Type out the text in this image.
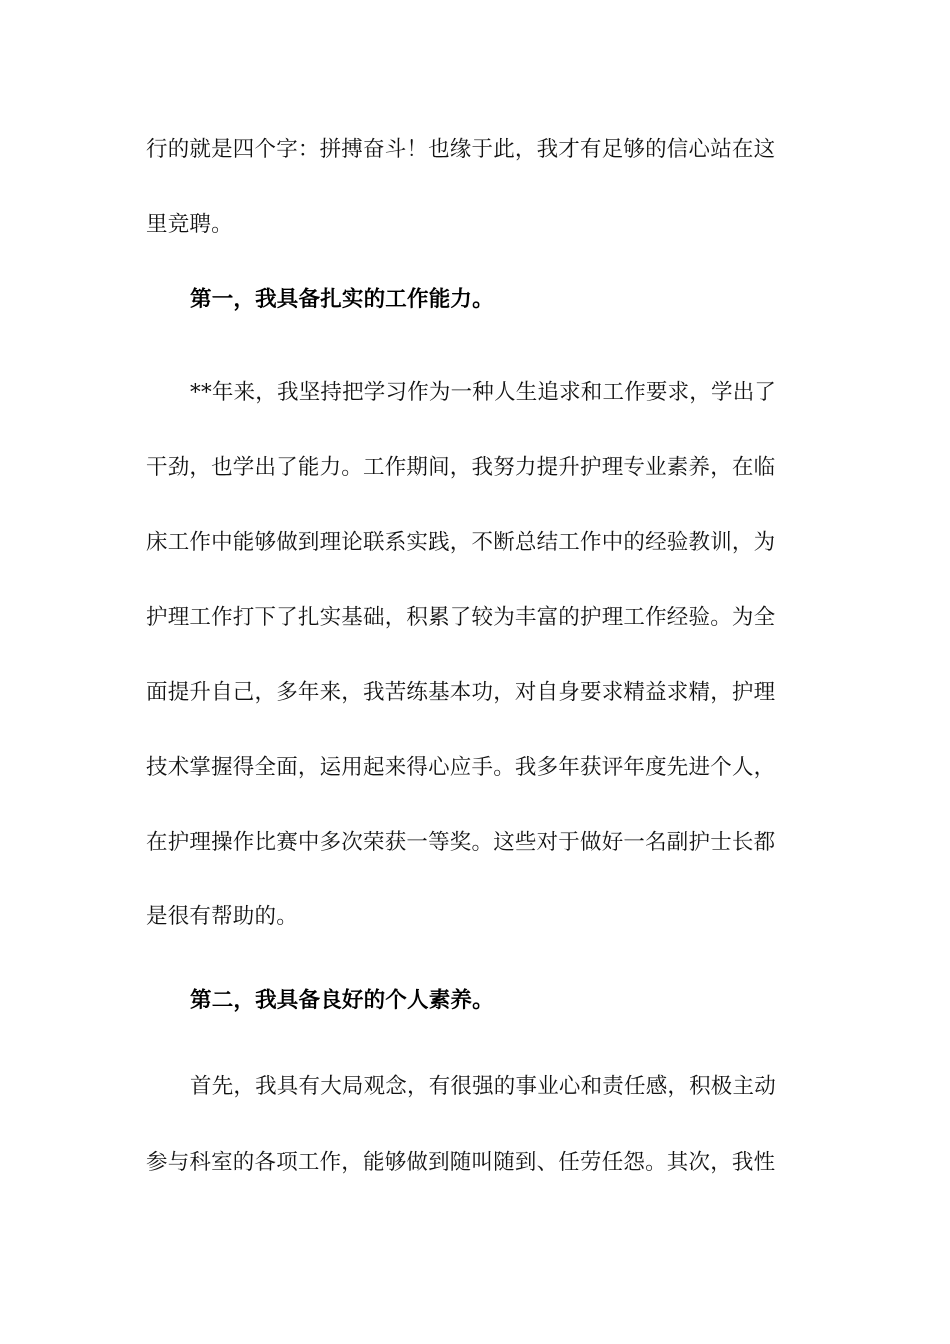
行的就是四个字：拼搏奋斗！也缘于此，我才有足够的信心站在这
里竞聘。
第一，我具备扎实的工作能力。
**年来，我坚持把学习作为一种人生追求和工作要求，学出了
干劲，也学出了能力。工作期间，我努力提升护理专业素养，在临
床工作中能够做到理论联系实践，不断总结工作中的经验教训，为
护理工作打下了扎实基础，积累了较为丰富的护理工作经验。为全
面提升自己，多年来，我苦练基本功，对自身要求精益求精，护理
技术掌握得全面，运用起来得心应手。我多年获评年度先进个人，
在护理操作比赛中多次荣获一等奖。这些对于做好一名副护士长都
是很有帮助的。
第二，我具备良好的个人素养。
首先，我具有大局观念，有很强的事业心和责任感，积极主动
参与科室的各项工作，能够做到随叫随到、任劳任怨。其次，我性
